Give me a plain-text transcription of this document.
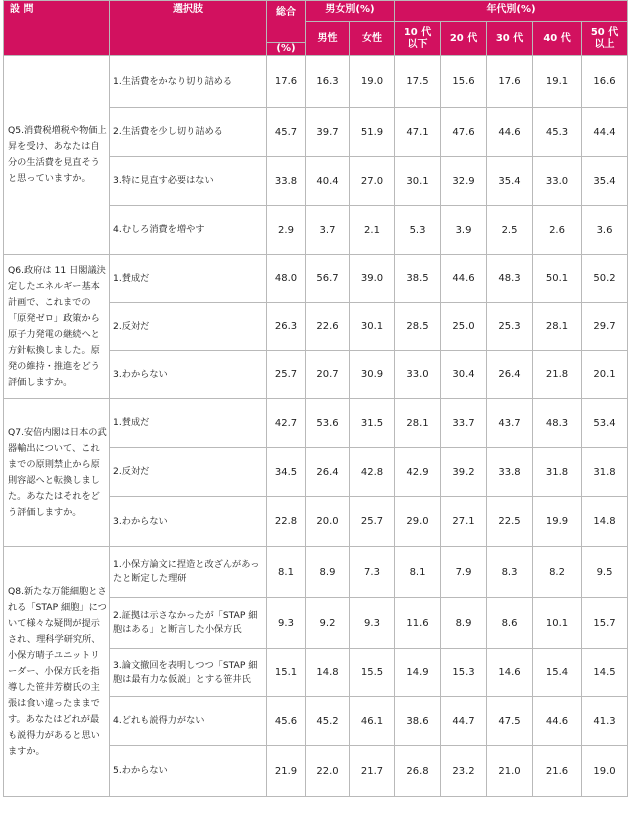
設 問	選択肢	総合	男女別(%)		年代別(%)				
			男性	女性	10 代以下	20 代	30 代	40 代	50 代以上
		(%)							
Q5.消費税増税や物価上昇を受け、あなたは自分の生活費を見直そうと思っていますか。	1.生活費をかなり切り詰める	17.6	16.3	19.0	17.5	15.6	17.6	19.1	16.6
	2.生活費を少し切り詰める	45.7	39.7	51.9	47.1	47.6	44.6	45.3	44.4
	3.特に見直す必要はない	33.8	40.4	27.0	30.1	32.9	35.4	33.0	35.4
	4.むしろ消費を増やす	2.9	3.7	2.1	5.3	3.9	2.5	2.6	3.6
Q6.政府は 11 日閣議決定したエネルギー基本計画で、これまでの「原発ゼロ」政策から原子力発電の継続へと方針転換しました。原発の維持・推進をどう評価しますか。	1.賛成だ	48.0	56.7	39.0	38.5	44.6	48.3	50.1	50.2
	2.反対だ	26.3	22.6	30.1	28.5	25.0	25.3	28.1	29.7
	3.わからない	25.7	20.7	30.9	33.0	30.4	26.4	21.8	20.1
Q7.安倍内閣は日本の武器輸出について、これまでの原則禁止から原則容認へと転換しました。あなたはそれをどう評価しますか。	1.賛成だ	42.7	53.6	31.5	28.1	33.7	43.7	48.3	53.4
	2.反対だ	34.5	26.4	42.8	42.9	39.2	33.8	31.8	31.8
	3.わからない	22.8	20.0	25.7	29.0	27.1	22.5	19.9	14.8
Q8.新たな万能細胞とされる「STAP 細胞」について様々な疑問が提示され、理科学研究所、小保方晴子ユニットリーダー、小保方氏を指導した笹井芳樹氏の主張は食い違ったままです。あなたはどれが最も説得力があると思いますか。	1.小保方論文に捏造と改ざんがあったと断定した理研	8.1	8.9	7.3	8.1	7.9	8.3	8.2	9.5
	2.証拠は示さなかったが「STAP 細胞はある」と断言した小保方氏	9.3	9.2	9.3	11.6	8.9	8.6	10.1	15.7
	3.論文撤回を表明しつつ「STAP 細胞は最有力な仮説」とする笹井氏	15.1	14.8	15.5	14.9	15.3	14.6	15.4	14.5
	4.どれも説得力がない	45.6	45.2	46.1	38.6	44.7	47.5	44.6	41.3
	5.わからない	21.9	22.0	21.7	26.8	23.2	21.0	21.6	19.0
